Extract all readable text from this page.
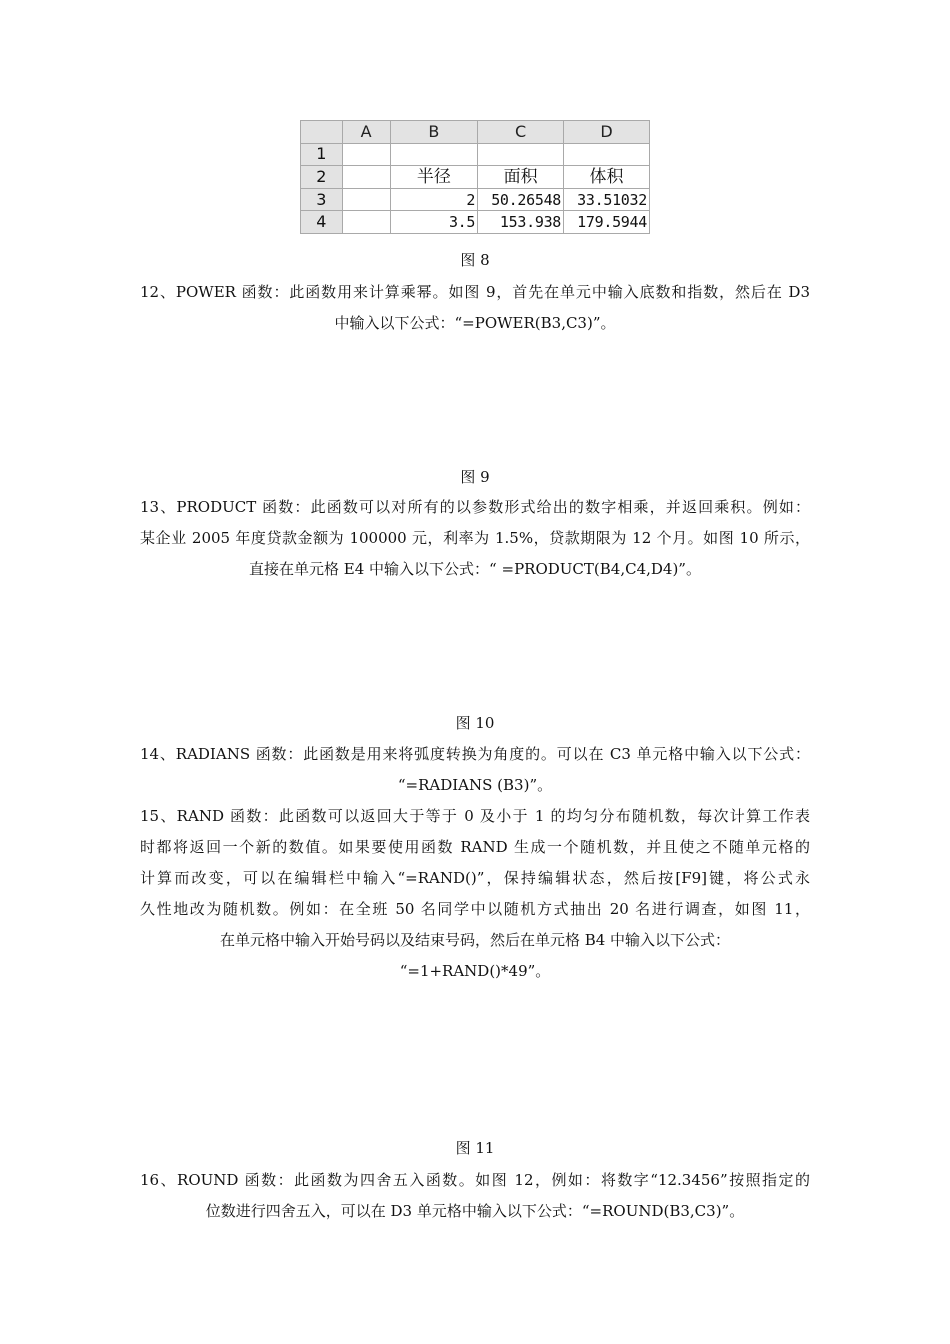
	A	B	C	D
1				
2		半径	面积	体积
3		2	50.26548	33.51032
4		3.5	153.938	179.5944
图 8
12、POWER 函数：此函数用来计算乘幂。如图 9，首先在单元中输入底数和指数，然后在 D3
中输入以下公式：“=POWER(B3,C3)”。
图 9
13、PRODUCT 函数：此函数可以对所有的以参数形式给出的数字相乘，并返回乘积。例如：
某企业 2005 年度贷款金额为 100000 元，利率为 1.5%，贷款期限为 12 个月。如图 10 所示，
直接在单元格 E4 中输入以下公式：“ =PRODUCT(B4,C4,D4)”。
图 10
14、RADIANS 函数：此函数是用来将弧度转换为角度的。可以在 C3 单元格中输入以下公式：
“=RADIANS (B3)”。
15、RAND 函数：此函数可以返回大于等于 0 及小于 1 的均匀分布随机数，每次计算工作表
时都将返回一个新的数值。如果要使用函数 RAND 生成一个随机数，并且使之不随单元格的
计算而改变，可以在编辑栏中输入“=RAND()”，保持编辑状态，然后按[F9]键，将公式永
久性地改为随机数。例如：在全班 50 名同学中以随机方式抽出 20 名进行调查，如图 11，
在单元格中输入开始号码以及结束号码，然后在单元格 B4 中输入以下公式：
“=1+RAND()*49”。
图 11
16、ROUND 函数：此函数为四舍五入函数。如图 12，例如：将数字“12.3456”按照指定的
位数进行四舍五入，可以在 D3 单元格中输入以下公式：“=ROUND(B3,C3)”。
